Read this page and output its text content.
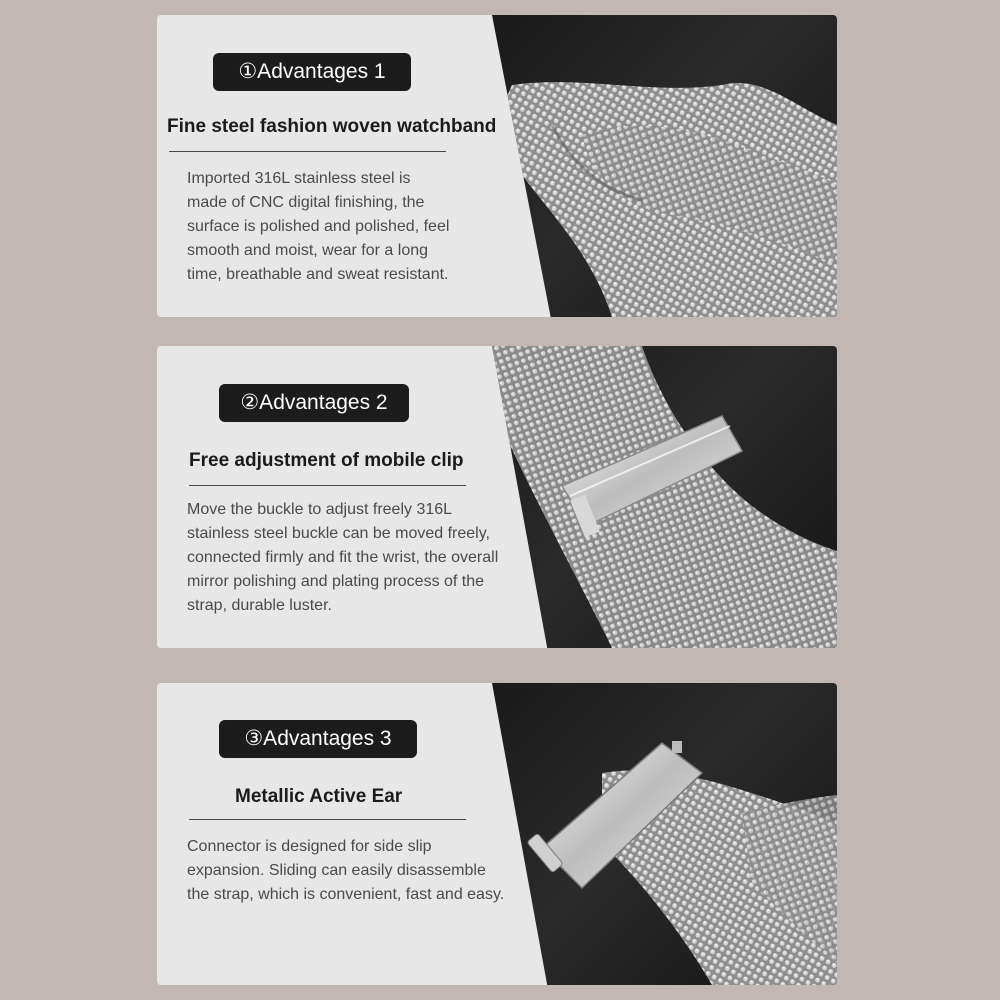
①Advantages 1
Fine steel fashion woven watchband
Imported 316L stainless steel is
made of CNC digital finishing, the
surface is polished and polished, feel
smooth and moist, wear for a long
time, breathable and sweat resistant.
②Advantages 2
Free adjustment of mobile clip
Move the buckle to adjust freely 316L
stainless steel buckle can be moved freely,
connected firmly and fit the wrist, the overall
mirror polishing and plating process of the
strap, durable luster.
③Advantages 3
Metallic Active Ear
Connector is designed for side slip
expansion. Sliding can easily disassemble
the strap, which is convenient, fast and easy.
